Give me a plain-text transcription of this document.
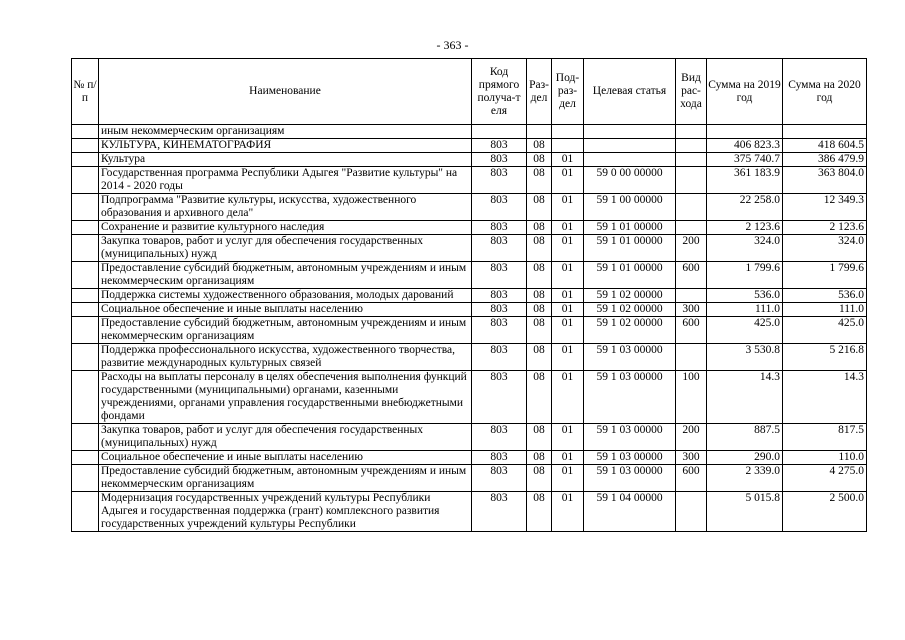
- 363 -
№ п/п	Наименование	Код прямого получа-т еля	Раз-дел	Под-раз-дел	Целевая статья	Вид рас-хода	Сумма на 2019 год	Сумма на 2020 год
	иным некоммерческим организациям							
	КУЛЬТУРА, КИНЕМАТОГРАФИЯ	803	08				406 823.3	418 604.5
	Культура	803	08	01			375 740.7	386 479.9
	Государственная программа Республики Адыгея "Развитие культуры" на 2014 - 2020 годы	803	08	01	59 0 00 00000		361 183.9	363 804.0
	Подпрограмма "Развитие культуры, искусства, художественного образования и архивного дела"	803	08	01	59 1 00 00000		22 258.0	12 349.3
	Сохранение и развитие культурного наследия	803	08	01	59 1 01 00000		2 123.6	2 123.6
	Закупка товаров, работ и услуг для обеспечения государственных (муниципальных) нужд	803	08	01	59 1 01 00000	200	324.0	324.0
	Предоставление субсидий бюджетным, автономным учреждениям и иным некоммерческим организациям	803	08	01	59 1 01 00000	600	1 799.6	1 799.6
	Поддержка системы художественного образования, молодых дарований	803	08	01	59 1 02 00000		536.0	536.0
	Социальное обеспечение и иные выплаты населению	803	08	01	59 1 02 00000	300	111.0	111.0
	Предоставление субсидий бюджетным, автономным учреждениям и иным некоммерческим организациям	803	08	01	59 1 02 00000	600	425.0	425.0
	Поддержка профессионального искусства, художественного творчества, развитие международных культурных связей	803	08	01	59 1 03 00000		3 530.8	5 216.8
	Расходы на выплаты персоналу в целях обеспечения выполнения функций государственными (муниципальными) органами, казенными учреждениями, органами управления государственными внебюджетными фондами	803	08	01	59 1 03 00000	100	14.3	14.3
	Закупка товаров, работ и услуг для обеспечения государственных (муниципальных) нужд	803	08	01	59 1 03 00000	200	887.5	817.5
	Социальное обеспечение и иные выплаты населению	803	08	01	59 1 03 00000	300	290.0	110.0
	Предоставление субсидий бюджетным, автономным учреждениям и иным некоммерческим организациям	803	08	01	59 1 03 00000	600	2 339.0	4 275.0
	Модернизация государственных учреждений культуры Республики Адыгея и государственная поддержка (грант) комплексного развития государственных учреждений культуры Республики	803	08	01	59 1 04 00000		5 015.8	2 500.0
